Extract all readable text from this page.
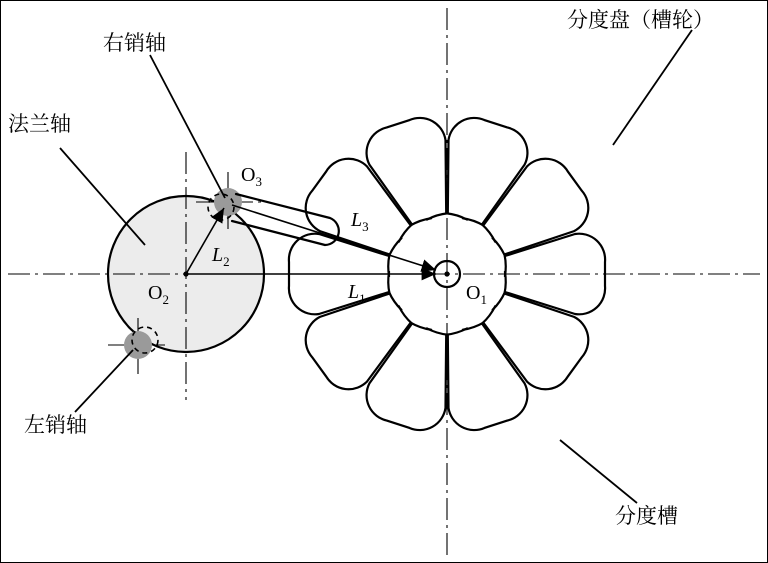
分度盘（槽轮）
右销轴
法兰轴
左销轴
分度槽
$O_1$
$O_2$
$O_3$
$L_1$
$L_2$
$L_3$
